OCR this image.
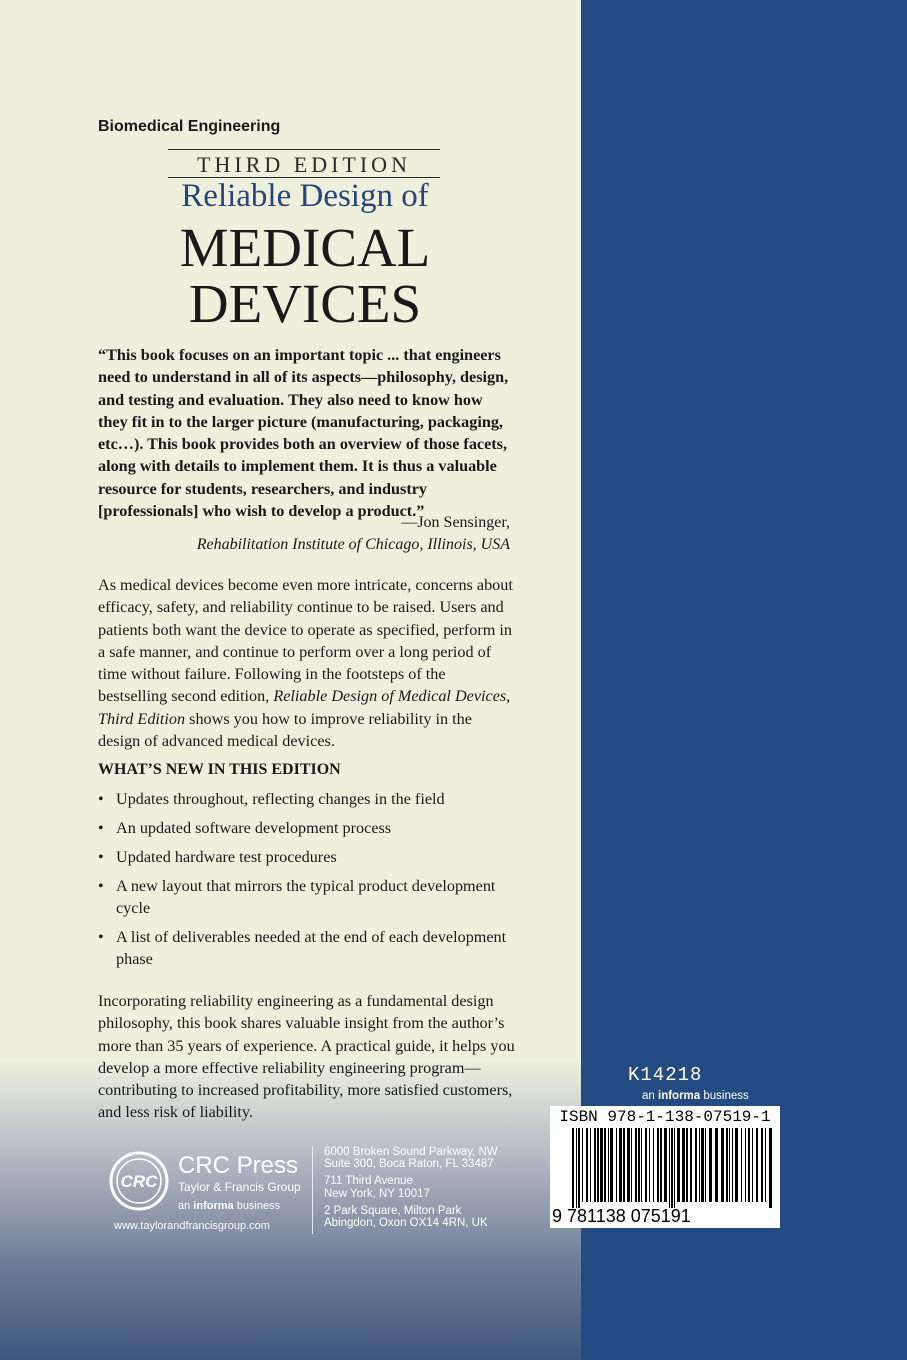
Biomedical Engineering
THIRD EDITION
Reliable Design of
MEDICAL
DEVICES
“This book focuses on an important topic ... that engineers need to understand in all of its aspects—philosophy, design, and testing and evaluation. They also need to know how they fit in to the larger picture (manufacturing, packaging, etc…). This book provides both an overview of those facets, along with details to implement them. It is thus a valuable resource for students, researchers, and industry [professionals] who wish to develop a product.”
—Jon Sensinger,
Rehabilitation Institute of Chicago, Illinois, USA
As medical devices become even more intricate, concerns about efficacy, safety, and reliability continue to be raised. Users and patients both want the device to operate as specified, perform in a safe manner, and continue to perform over a long period of time without failure. Following in the footsteps of the bestselling second edition, Reliable Design of Medical Devices, Third Edition shows you how to improve reliability in the design of advanced medical devices.
WHAT’S NEW IN THIS EDITION
• Updates throughout, reflecting changes in the field
• An updated software development process
• Updated hardware test procedures
• A new layout that mirrors the typical product development cycle
• A list of deliverables needed at the end of each development phase
Incorporating reliability engineering as a fundamental design philosophy, this book shares valuable insight from the author’s more than 35 years of experience. A practical guide, it helps you develop a more effective reliability engineering program—contributing to increased profitability, more satisfied customers, and less risk of liability.
CRC
CRC Press
Taylor & Francis Group
an informa business
www.taylorandfrancisgroup.com
6000 Broken Sound Parkway, NW
Suite 300, Boca Raton, FL 33487
711 Third Avenue
New York, NY 10017
2 Park Square, Milton Park
Abingdon, Oxon OX14 4RN, UK
K14218
an informa business
ISBN 978-1-138-07519-1
9 781138 075191
